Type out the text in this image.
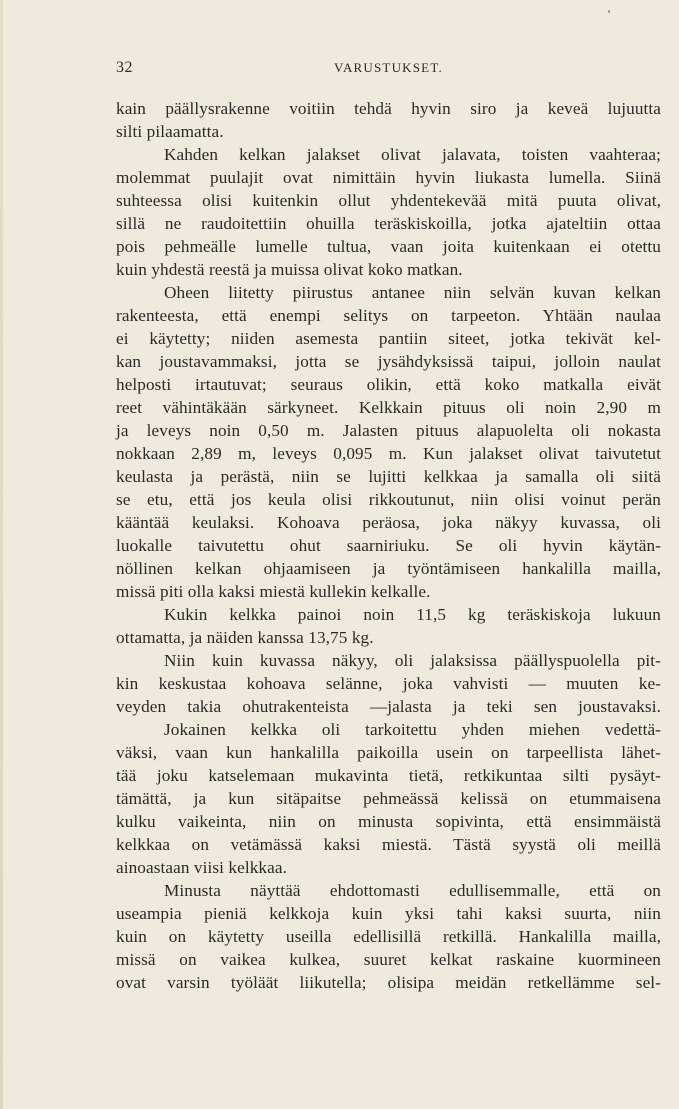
32	VARUSTUKSET.
kain päällysrakenne voitiin tehdä hyvin siro ja keveä lujuutta
silti pilaamatta.
Kahden kelkan jalakset olivat jalavata, toisten vaahteraa;
molemmat puulajit ovat nimittäin hyvin liukasta lumella. Siinä
suhteessa olisi kuitenkin ollut yhdentekevää mitä puuta olivat,
sillä ne raudoitettiin ohuilla teräskiskoilla, jotka ajateltiin ottaa
pois pehmeälle lumelle tultua, vaan joita kuitenkaan ei otettu
kuin yhdestä reestä ja muissa olivat koko matkan.
Oheen liitetty piirustus antanee niin selvän kuvan kelkan
rakenteesta, että enempi selitys on tarpeeton. Yhtään naulaa
ei käytetty; niiden asemesta pantiin siteet, jotka tekivät kel-
kan joustavammaksi, jotta se jysähdyksissä taipui, jolloin naulat
helposti irtautuvat; seuraus olikin, että koko matkalla eivät
reet vähintäkään särkyneet. Kelkkain pituus oli noin 2,90 m
ja leveys noin 0,50 m. Jalasten pituus alapuolelta oli nokasta
nokkaan 2,89 m, leveys 0,095 m. Kun jalakset olivat taivutetut
keulasta ja perästä, niin se lujitti kelkkaa ja samalla oli siitä
se etu, että jos keula olisi rikkoutunut, niin olisi voinut perän
kääntää keulaksi. Kohoava peräosa, joka näkyy kuvassa, oli
luokalle taivutettu ohut saarniriuku. Se oli hyvin käytän-
nöllinen kelkan ohjaamiseen ja työntämiseen hankalilla mailla,
missä piti olla kaksi miestä kullekin kelkalle.
Kukin kelkka painoi noin 11,5 kg teräskiskoja lukuun
ottamatta, ja näiden kanssa 13,75 kg.
Niin kuin kuvassa näkyy, oli jalaksissa päällyspuolella pit-
kin keskustaa kohoava selänne, joka vahvisti — muuten ke-
veyden takia ohutrakenteista —jalasta ja teki sen joustavaksi.
Jokainen kelkka oli tarkoitettu yhden miehen vedettä-
väksi, vaan kun hankalilla paikoilla usein on tarpeellista lähet-
tää joku katselemaan mukavinta tietä, retkikuntaa silti pysäyt-
tämättä, ja kun sitäpaitse pehmeässä kelissä on etummaisena
kulku vaikeinta, niin on minusta sopivinta, että ensimmäistä
kelkkaa on vetämässä kaksi miestä. Tästä syystä oli meillä
ainoastaan viisi kelkkaa.
Minusta näyttää ehdottomasti edullisemmalle, että on
useampia pieniä kelkkoja kuin yksi tahi kaksi suurta, niin
kuin on käytetty useilla edellisillä retkillä. Hankalilla mailla,
missä on vaikea kulkea, suuret kelkat raskaine kuormineen
ovat varsin työläät liikutella; olisipa meidän retkellämme sel-
